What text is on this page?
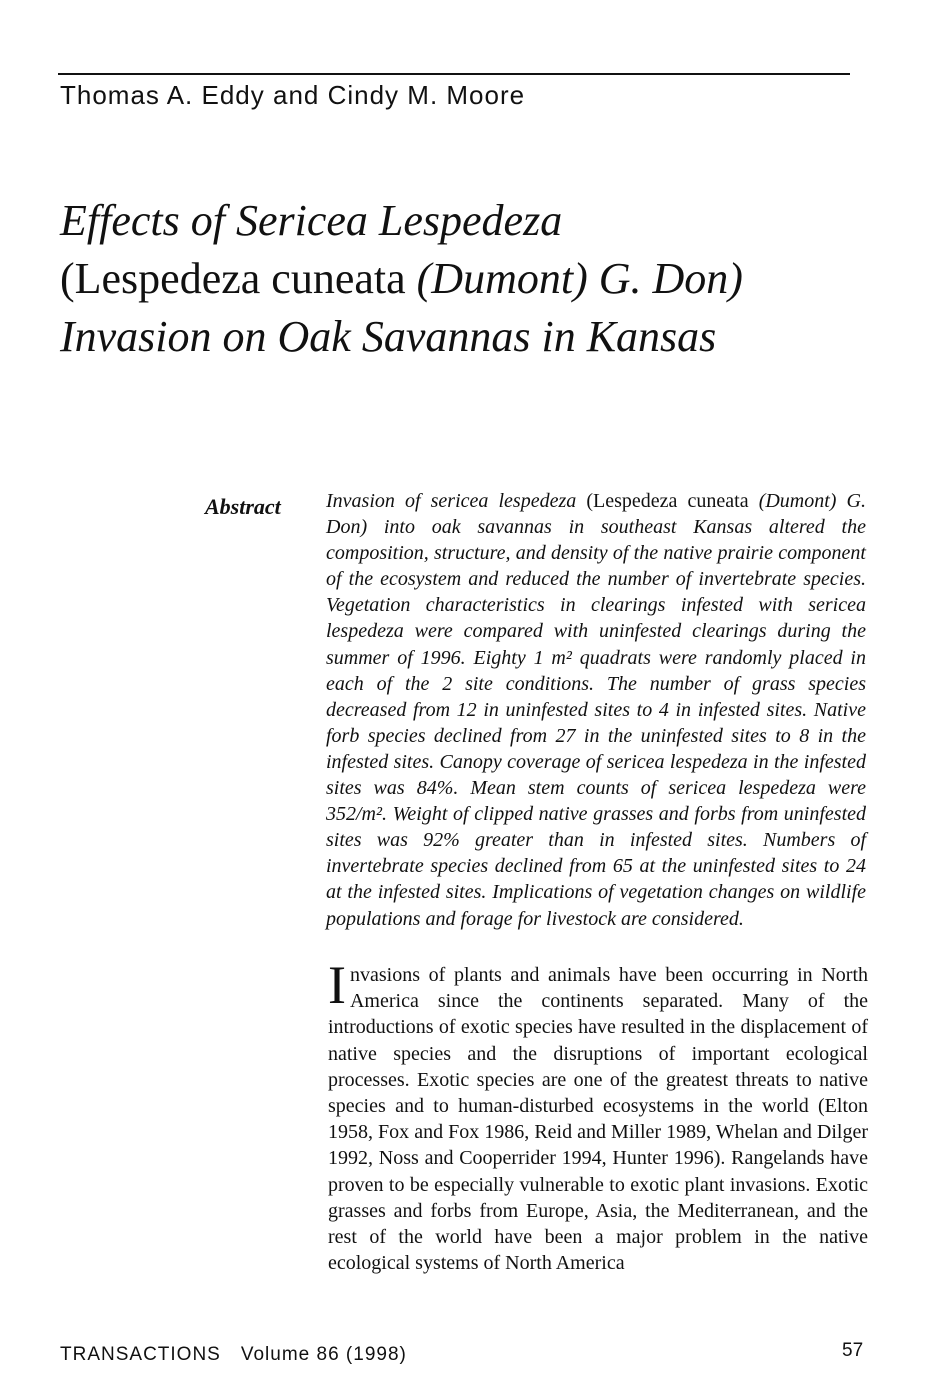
Thomas A. Eddy and Cindy M. Moore
Effects of Sericea Lespedeza
(Lespedeza cuneata (Dumont) G. Don)
Invasion on Oak Savannas in Kansas
Abstract Invasion of sericea lespedeza (Lespedeza cuneata (Dumont) G. Don) into oak savannas in southeast Kansas altered the composition, structure, and density of the native prairie component of the ecosystem and reduced the number of invertebrate species. Vegetation characteristics in clearings infested with sericea lespedeza were compared with uninfested clearings during the summer of 1996. Eighty 1 m² quadrats were randomly placed in each of the 2 site conditions. The number of grass species decreased from 12 in uninfested sites to 4 in infested sites. Native forb species declined from 27 in the uninfested sites to 8 in the infested sites. Canopy coverage of sericea lespedeza in the infested sites was 84%. Mean stem counts of sericea lespedeza were 352/m². Weight of clipped native grasses and forbs from uninfested sites was 92% greater than in infested sites. Numbers of invertebrate species declined from 65 at the uninfested sites to 24 at the infested sites. Implications of vegetation changes on wildlife populations and forage for livestock are considered.
Invasions of plants and animals have been occurring in North America since the continents separated. Many of the introductions of exotic species have resulted in the displacement of native species and the disruptions of important ecological processes. Exotic species are one of the greatest threats to native species and to human-disturbed ecosystems in the world (Elton 1958, Fox and Fox 1986, Reid and Miller 1989, Whelan and Dilger 1992, Noss and Cooperrider 1994, Hunter 1996). Rangelands have proven to be especially vulnerable to exotic plant invasions. Exotic grasses and forbs from Europe, Asia, the Mediterranean, and the rest of the world have been a major problem in the native ecological systems of North America
TRANSACTIONS Volume 86 (1998)	57
